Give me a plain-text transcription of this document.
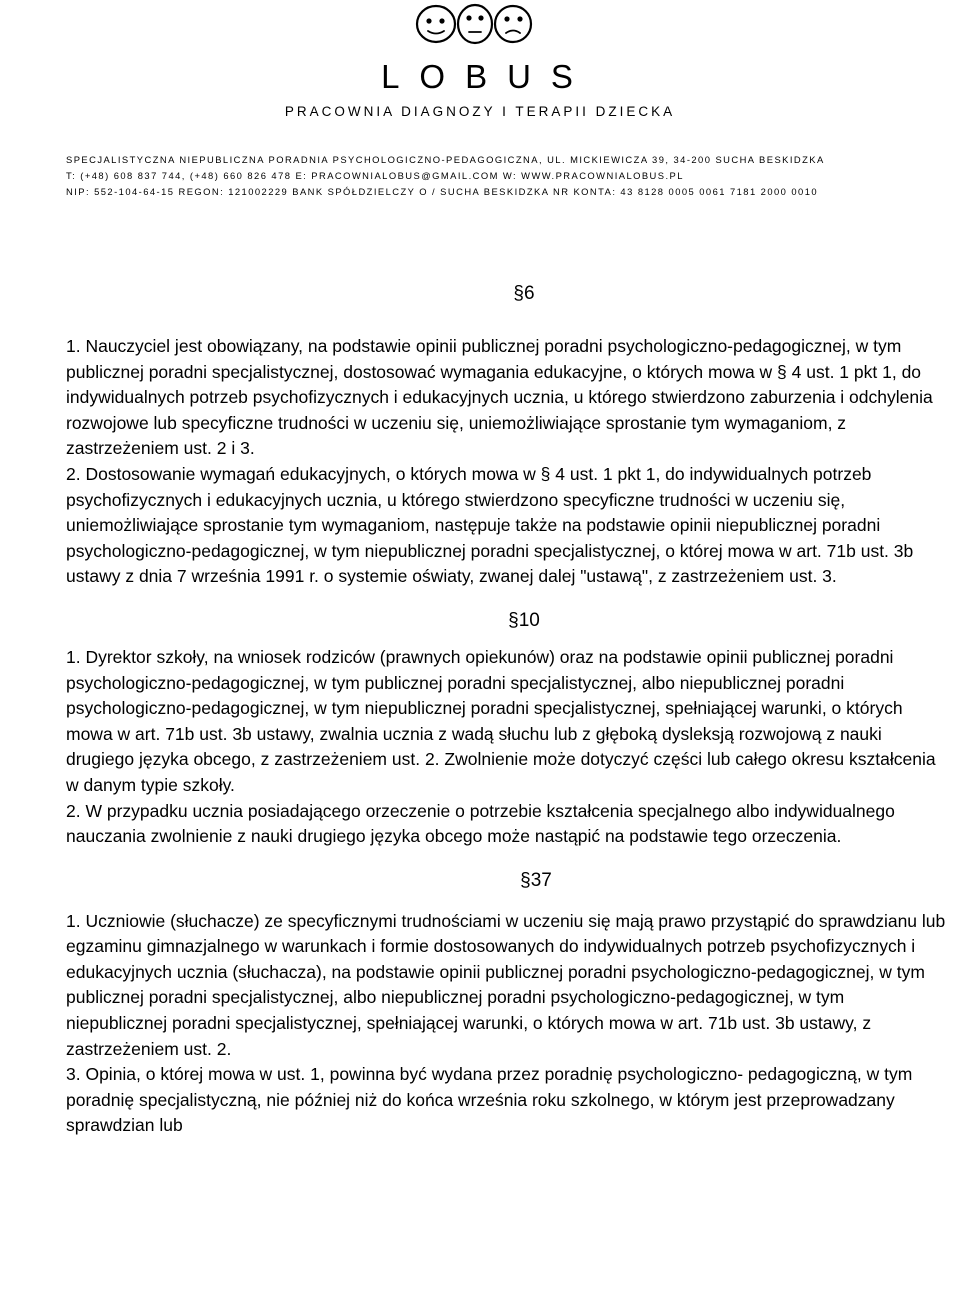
LOBUS
PRACOWNIA DIAGNOZY I TERAPII DZIECKA
SPECJALISTYCZNA NIEPUBLICZNA PORADNIA PSYCHOLOGICZNO-PEDAGOGICZNA, UL. MICKIEWICZA 39, 34-200 SUCHA BESKIDZKA
T: (+48) 608 837 744, (+48) 660 826 478 E: PRACOWNIALOBUS@GMAIL.COM W: WWW.PRACOWNIALOBUS.PL
NIP: 552-104-64-15 REGON: 121002229 BANK SPÓŁDZIELCZY O / SUCHA BESKIDZKA NR KONTA: 43 8128 0005 0061 7181 2000 0010
§6

1. Nauczyciel jest obowiązany, na podstawie opinii publicznej poradni psychologiczno-pedagogicznej, w tym publicznej poradni specjalistycznej, dostosować wymagania edukacyjne, o których mowa w § 4 ust. 1 pkt 1, do indywidualnych potrzeb psychofizycznych i edukacyjnych ucznia, u którego stwierdzono zaburzenia i odchylenia rozwojowe lub specyficzne trudności w uczeniu się, uniemożliwiające sprostanie tym wymaganiom, z zastrzeżeniem ust. 2 i 3.

2. Dostosowanie wymagań edukacyjnych, o których mowa w § 4 ust. 1 pkt 1, do indywidualnych potrzeb psychofizycznych i edukacyjnych ucznia, u którego stwierdzono specyficzne trudności w uczeniu się, uniemożliwiające sprostanie tym wymaganiom, następuje także na podstawie opinii niepublicznej poradni psychologiczno-pedagogicznej, w tym niepublicznej poradni specjalistycznej, o której mowa w art. 71b ust. 3b ustawy z dnia 7 września 1991 r. o systemie oświaty, zwanej dalej "ustawą", z zastrzeżeniem ust. 3.

§10

1. Dyrektor szkoły, na wniosek rodziców (prawnych opiekunów) oraz na podstawie opinii publicznej poradni psychologiczno-pedagogicznej, w tym publicznej poradni specjalistycznej, albo niepublicznej poradni psychologiczno-pedagogicznej, w tym niepublicznej poradni specjalistycznej, spełniającej warunki, o których mowa w art. 71b ust. 3b ustawy, zwalnia ucznia z wadą słuchu lub z głęboką dysleksją rozwojową z nauki drugiego języka obcego, z zastrzeżeniem ust. 2. Zwolnienie może dotyczyć części lub całego okresu kształcenia w danym typie szkoły.

2. W przypadku ucznia posiadającego orzeczenie o potrzebie kształcenia specjalnego albo indywidualnego nauczania zwolnienie z nauki drugiego języka obcego może nastąpić na podstawie tego orzeczenia.

§37

1. Uczniowie (słuchacze) ze specyficznymi trudnościami w uczeniu się mają prawo przystąpić do sprawdzianu lub egzaminu gimnazjalnego w warunkach i formie dostosowanych do indywidualnych potrzeb psychofizycznych i edukacyjnych ucznia (słuchacza), na podstawie opinii publicznej poradni psychologiczno-pedagogicznej, w tym publicznej poradni specjalistycznej, albo niepublicznej poradni psychologiczno-pedagogicznej, w tym niepublicznej poradni specjalistycznej, spełniającej warunki, o których mowa w art. 71b ust. 3b ustawy, z zastrzeżeniem ust. 2.

3. Opinia, o której mowa w ust. 1, powinna być wydana przez poradnię psychologiczno- pedagogiczną, w tym poradnię specjalistyczną, nie później niż do końca września roku szkolnego, w którym jest przeprowadzany sprawdzian lub
